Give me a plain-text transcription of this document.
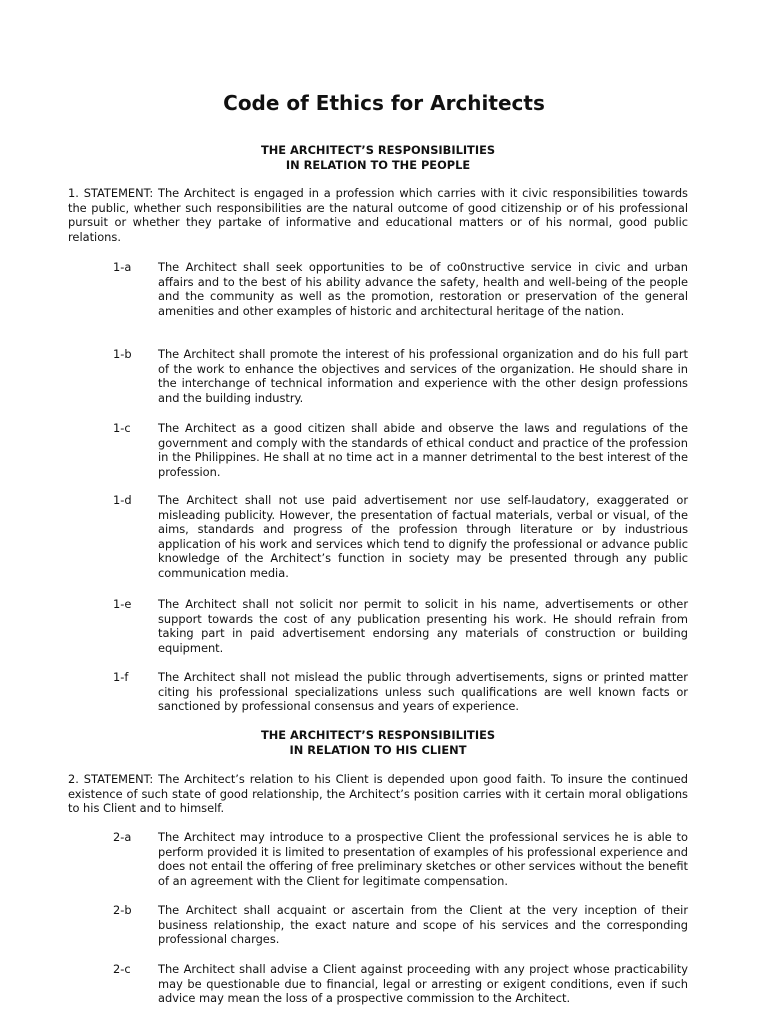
Code of Ethics for Architects
THE ARCHITECT’S RESPONSIBILITIES
IN RELATION TO THE PEOPLE
1. STATEMENT: The Architect is engaged in a profession which carries with it civic responsibilities towards the public, whether such responsibilities are the natural outcome of good citizenship or of his professional pursuit or whether they partake of informative and educational matters or of his normal, good public relations.
1-a The Architect shall seek opportunities to be of co0nstructive service in civic and urban affairs and to the best of his ability advance the safety, health and well-being of the people and the community as well as the promotion, restoration or preservation of the general amenities and other examples of historic and architectural heritage of the nation.
1-b The Architect shall promote the interest of his professional organization and do his full part of the work to enhance the objectives and services of the organization. He should share in the interchange of technical information and experience with the other design professions and the building industry.
1-c The Architect as a good citizen shall abide and observe the laws and regulations of the government and comply with the standards of ethical conduct and practice of the profession in the Philippines. He shall at no time act in a manner detrimental to the best interest of the profession.
1-d The Architect shall not use paid advertisement nor use self-laudatory, exaggerated or misleading publicity. However, the presentation of factual materials, verbal or visual, of the aims, standards and progress of the profession through literature or by industrious application of his work and services which tend to dignify the professional or advance public knowledge of the Architect’s function in society may be presented through any public communication media.
1-e The Architect shall not solicit nor permit to solicit in his name, advertisements or other support towards the cost of any publication presenting his work. He should refrain from taking part in paid advertisement endorsing any materials of construction or building equipment.
1-f	The Architect shall not mislead the public through advertisements, signs or printed matter citing his professional specializations unless such qualifications are well known facts or sanctioned by professional consensus and years of experience.
THE ARCHITECT’S RESPONSIBILITIES
IN RELATION TO HIS CLIENT
2. STATEMENT: The Architect’s relation to his Client is depended upon good faith. To insure the continued existence of such state of good relationship, the Architect’s position carries with it certain moral obligations to his Client and to himself.
2-a The Architect may introduce to a prospective Client the professional services he is able to perform provided it is limited to presentation of examples of his professional experience and does not entail the offering of free preliminary sketches or other services without the benefit of an agreement with the Client for legitimate compensation.
2-b The Architect shall acquaint or ascertain from the Client at the very inception of their business relationship, the exact nature and scope of his services and the corresponding professional charges.
2-c The Architect shall advise a Client against proceeding with any project whose practicability may be questionable due to financial, legal or arresting or exigent conditions, even if such advice may mean the loss of a prospective commission to the Architect.
